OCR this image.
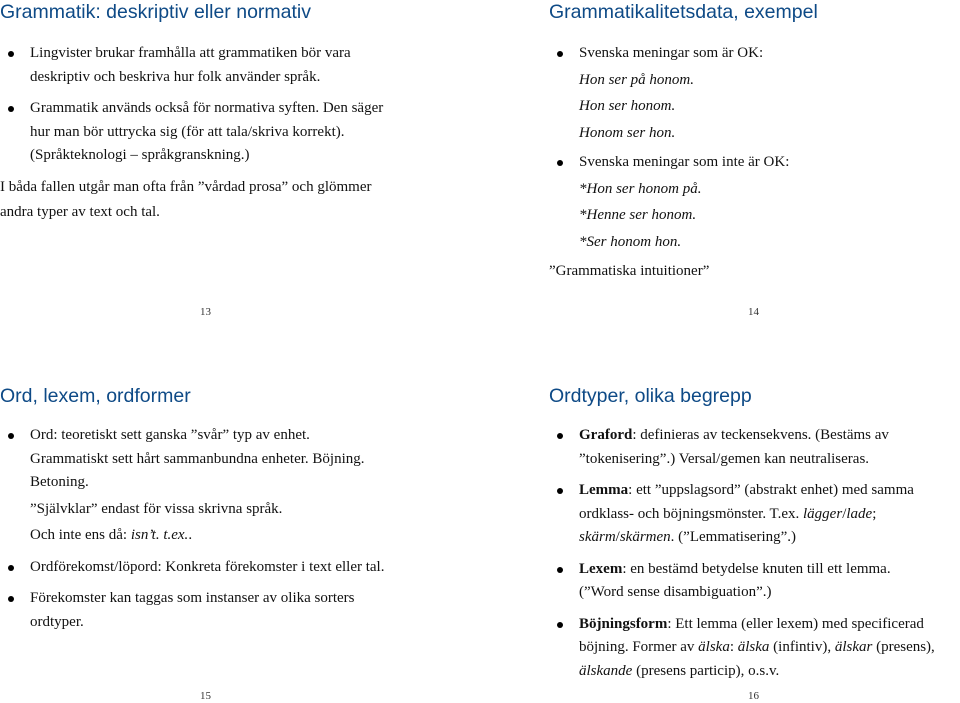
Grammatik: deskriptiv eller normativ
Lingvister brukar framhålla att grammatiken bör vara
deskriptiv och beskriva hur folk använder språk.
Grammatik används också för normativa syften. Den säger
hur man bör uttrycka sig (för att tala/skriva korrekt).
(Språkteknologi – språkgranskning.)
I båda fallen utgår man ofta från ”vårdad prosa” och glömmer
andra typer av text och tal.
13
Grammatikalitetsdata, exempel
Svenska meningar som är OK:
Hon ser på honom.
Hon ser honom.
Honom ser hon.
Svenska meningar som inte är OK:
*Hon ser honom på.
*Henne ser honom.
*Ser honom hon.
”Grammatiska intuitioner”
14
Ord, lexem, ordformer
Ord: teoretiskt sett ganska ”svår” typ av enhet.
Grammatiskt sett hårt sammanbundna enheter. Böjning.
Betoning.
”Självklar” endast för vissa skrivna språk.
Och inte ens då: isn’t. t.ex..
Ordförekomst/löpord: Konkreta förekomster i text eller tal.
Förekomster kan taggas som instanser av olika sorters
ordtyper.
15
Ordtyper, olika begrepp
Graford: definieras av teckensekvens. (Bestäms av
”tokenisering”.) Versal/gemen kan neutraliseras.
Lemma: ett ”uppslagsord” (abstrakt enhet) med samma
ordklass- och böjningsmönster. T.ex. lägger/lade;
skärm/skärmen. (”Lemmatisering”.)
Lexem: en bestämd betydelse knuten till ett lemma.
(”Word sense disambiguation”.)
Böjningsform: Ett lemma (eller lexem) med specificerad
böjning. Former av älska: älska (infintiv), älskar (presens),
älskande (presens particip), o.s.v.
16
